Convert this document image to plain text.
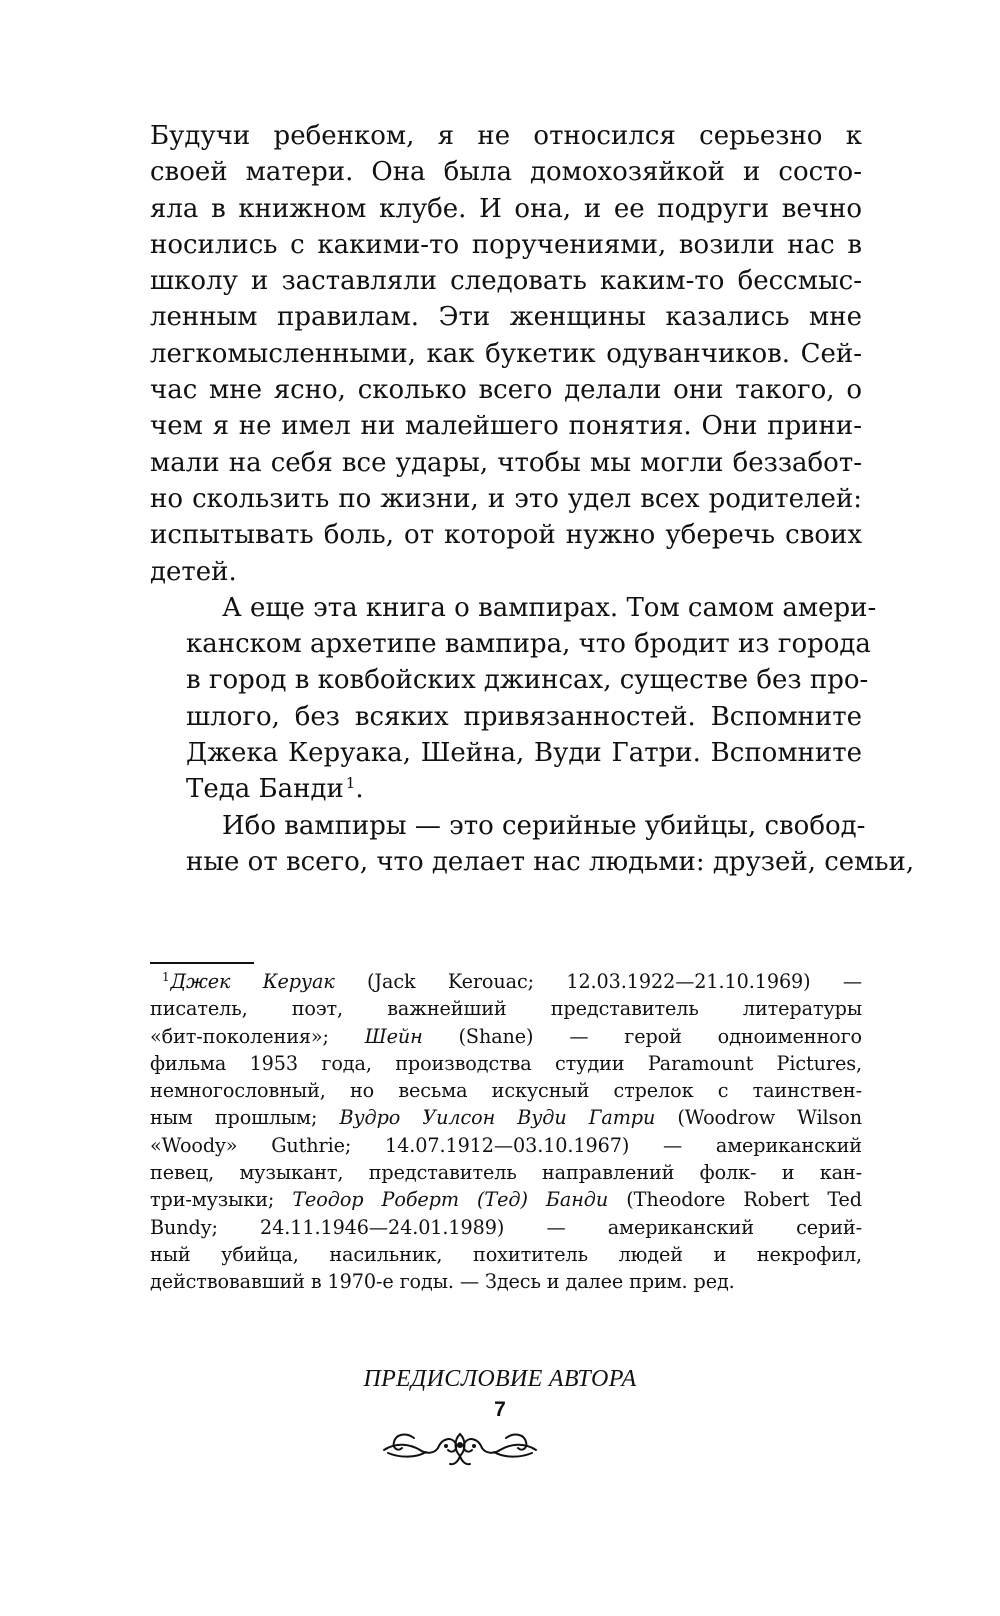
Будучи ребенком, я не относился серьезно к
своей матери. Она была домохозяйкой и состо-
яла в книжном клубе. И она, и ее подруги вечно
носились с какими-то поручениями, возили нас в
школу и заставляли следовать каким-то бессмыс-
ленным правилам. Эти женщины казались мне
легкомысленными, как букетик одуванчиков. Сей-
час мне ясно, сколько всего делали они такого, о
чем я не имел ни малейшего понятия. Они прини-
мали на себя все удары, чтобы мы могли беззабот-
но скользить по жизни, и это удел всех родителей:
испытывать боль, от которой нужно уберечь своих
детей.

А еще эта книга о вампирах. Том самом амери-
канском архетипе вампира, что бродит из города
в город в ковбойских джинсах, существе без про-
шлого, без всяких привязанностей. Вспомните
Джека Керуака, Шейна, Вуди Гатри. Вспомните
Теда Банди $^1$.

Ибо вампиры — это серийные убийцы, свобод-
ные от всего, что делает нас людьми: друзей, семьи,

$^1$Джек Керуак (Jack Kerouac; 12.03.1922—21.10.1969) —
писатель, поэт, важнейший представитель литературы
«бит-поколения»; Шейн (Shane) — герой одноименного
фильма 1953 года, производства студии Paramount Pictures,
немногословный, но весьма искусный стрелок с таинствен-
ным прошлым; Вудро Уилсон Вуди Гатри (Woodrow Wilson
«Woody» Guthrie; 14.07.1912—03.10.1967) — американский
певец, музыкант, представитель направлений фолк- и кан-
три-музыки; Теодор Роберт (Тед) Банди (Theodore Robert Ted
Bundy; 24.11.1946—24.01.1989) — американский серий-
ный убийца, насильник, похититель людей и некрофил,
действовавший в 1970-е годы. — Здесь и далее прим. ред.
ПРЕДИСЛОВИЕ АВТОРА
7
